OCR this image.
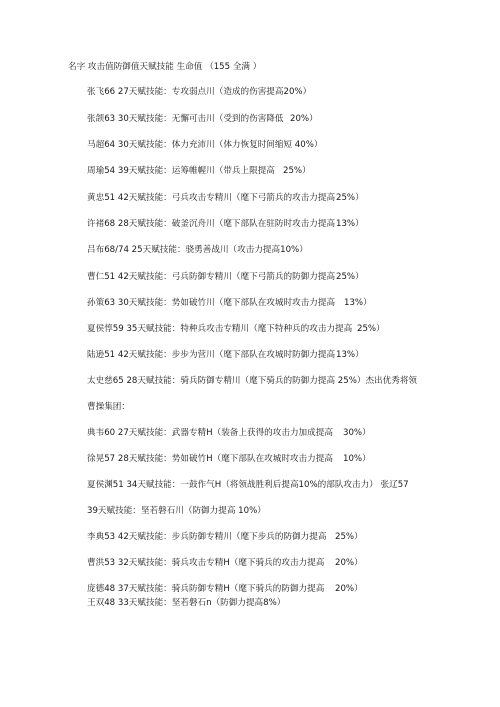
名字 攻击值防御值天赋技能 生命值 （155 全满 ）
张飞66 27天赋技能：专攻弱点川（造成的伤害提高20%）
张颌63 30天赋技能：无懈可击川（受到的伤害降低 20%）
马超64 30天赋技能：体力充沛川（体力恢复时间缩短 40%）
周瑜54 39天赋技能：运筹帷幄川（带兵上限提高 25%）
黄忠51 42天赋技能：弓兵攻击专精川（麾下弓箭兵的攻击力提高 25%）
许褚68 28天赋技能：破釜沉舟川（麾下部队在驻防时攻击力提高 13%）
吕布68/74 25天赋技能：骁勇善战川（攻击力提高10%）
曹仁51 42天赋技能：弓兵防御专精川（麾下弓箭兵的防御力提高 25%）
孙策63 30天赋技能：势如破竹川（麾下部队在攻城时攻击力提高 13%）
夏侯惇59 35天赋技能：特种兵攻击专精川（麾下特种兵的攻击力提高 25%）
陆逊51 42天赋技能：步步为营川（麾下部队在攻城时防御力提高 13%）
太史慈65 28天赋技能：骑兵防御专精川（麾下骑兵的防御力提高 25%）杰出优秀将领
曹操集团：
典韦60 27天赋技能：武器专精H（装备上获得的攻击力加成提高 30%）
徐晃57 28天赋技能：势如破竹H（麾下部队在攻城时攻击力提高 10%）
夏侯渊51 34天赋技能：一鼓作气H（将领战胜利后提高10%的部队攻击力） 张辽57
39天赋技能：坚若磐石川（防御力提高 10%）
李典53 42天赋技能：步兵防御专精川（麾下步兵的防御力提高 25%）
曹洪53 32天赋技能：骑兵攻击专精H（麾下骑兵的攻击力提高 20%）
庞德48 37天赋技能：骑兵防御专精H（麾下骑兵的防御力提高 20%）
王双48 33天赋技能：坚若磐石n（防御力提高8%）
